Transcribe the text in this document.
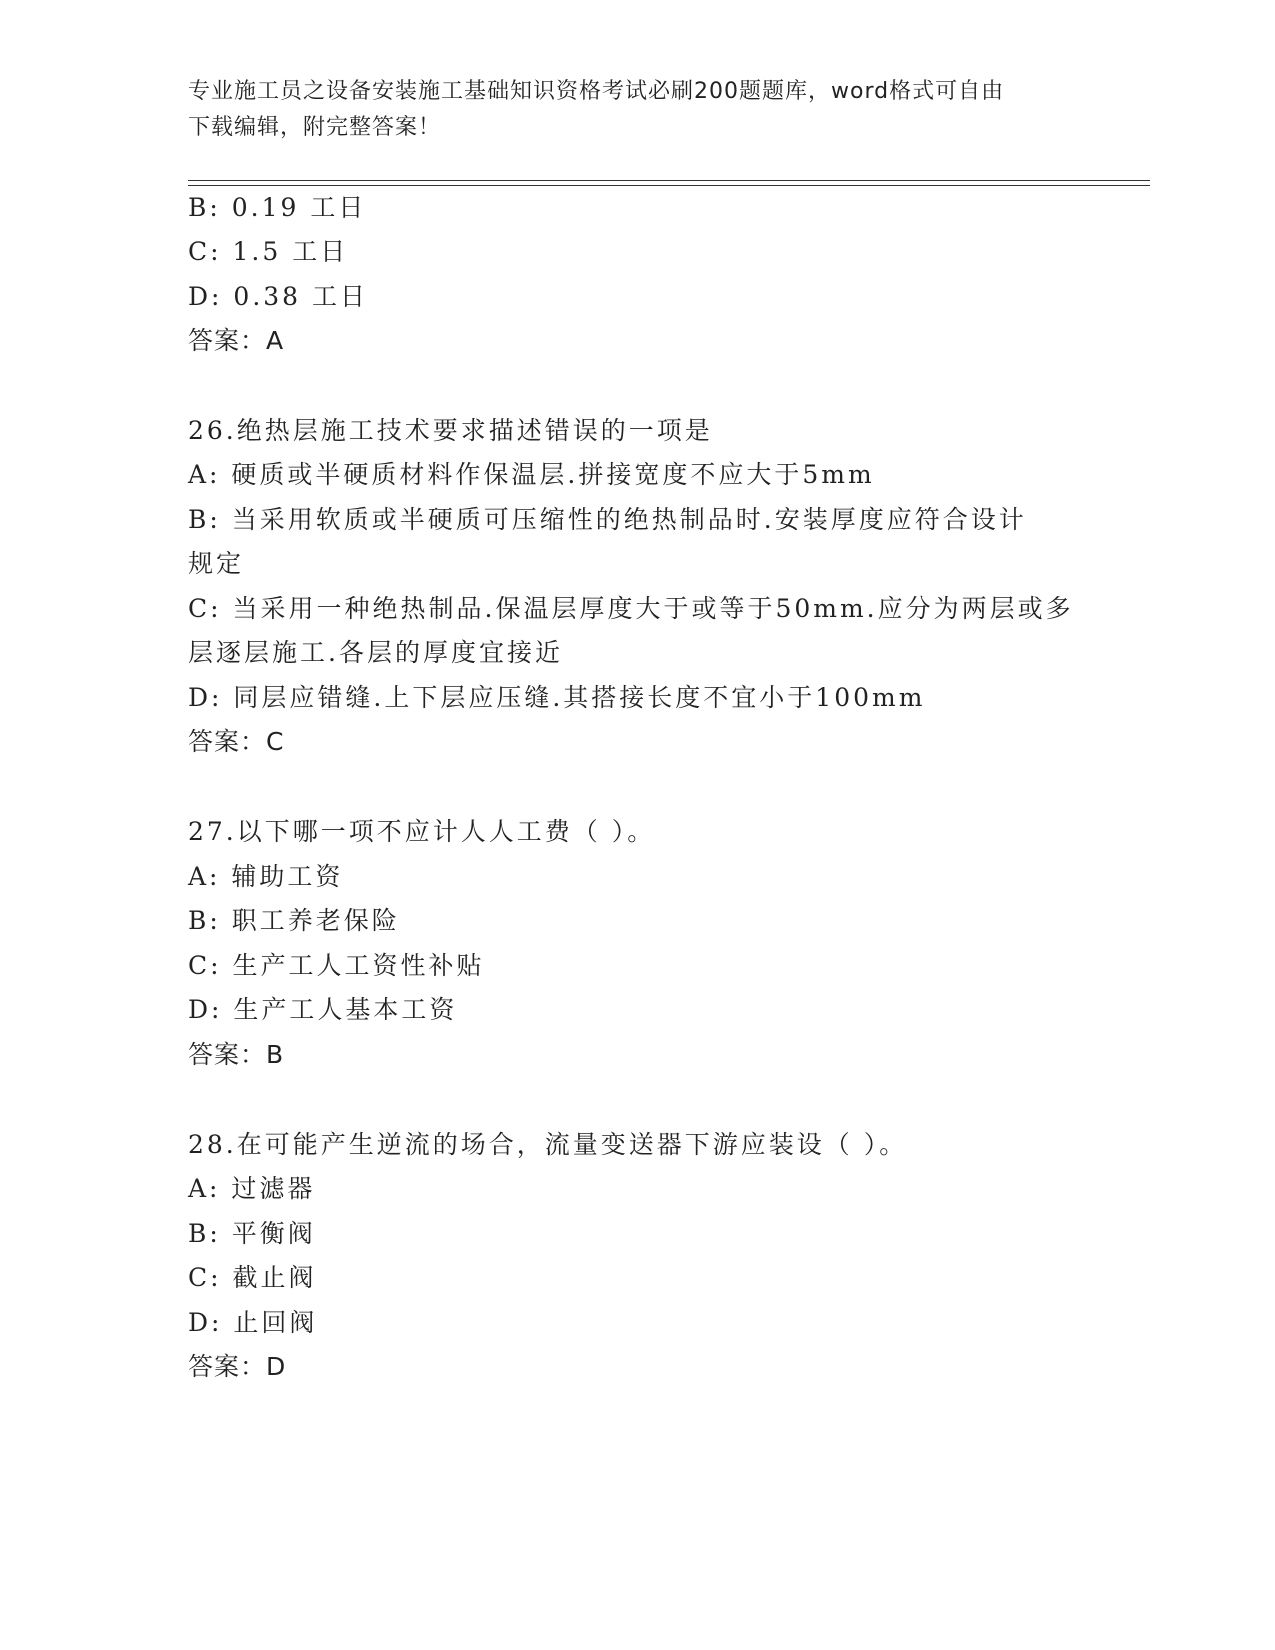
专业施工员之设备安装施工基础知识资格考试必刷200题题库，word格式可自由
下载编辑，附完整答案！
B: 0.19 工日
C: 1.5 工日
D: 0.38 工日
答案：A
26.绝热层施工技术要求描述错误的一项是
A: 硬质或半硬质材料作保温层.拼接宽度不应大于5mm
B: 当采用软质或半硬质可压缩性的绝热制品时.安装厚度应符合设计
规定
C: 当采用一种绝热制品.保温层厚度大于或等于50mm.应分为两层或多
层逐层施工.各层的厚度宜接近
D: 同层应错缝.上下层应压缝.其搭接长度不宜小于100mm
答案：C
27.以下哪一项不应计人人工费（ ）。
A: 辅助工资
B: 职工养老保险
C: 生产工人工资性补贴
D: 生产工人基本工资
答案：B
28.在可能产生逆流的场合，流量变送器下游应装设（ ）。
A: 过滤器
B: 平衡阀
C: 截止阀
D: 止回阀
答案：D
